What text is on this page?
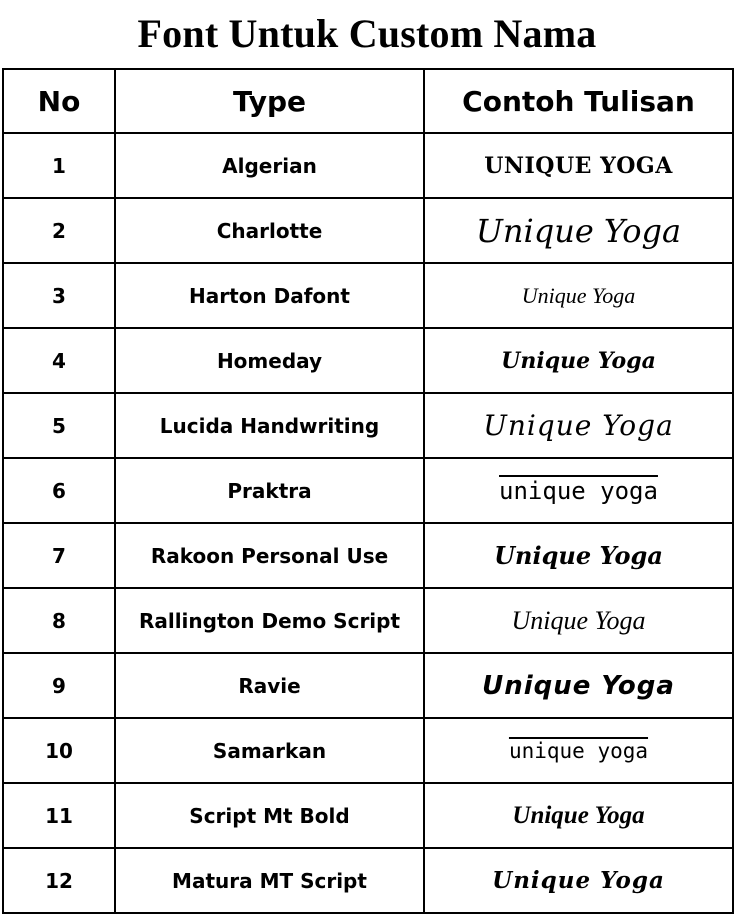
Font Untuk Custom Nama
No	Type	Contoh Tulisan
1	Algerian	UNIQUE YOGA
2	Charlotte	Unique Yoga
3	Harton Dafont	Unique Yoga
4	Homeday	Unique Yoga
5	Lucida Handwriting	Unique Yoga
6	Praktra	unique yoga
7	Rakoon Personal Use	Unique Yoga
8	Rallington Demo Script	Unique Yoga
9	Ravie	Unique Yoga
10	Samarkan	unique yoga
11	Script Mt Bold	Unique Yoga
12	Matura MT Script	Unique Yoga
